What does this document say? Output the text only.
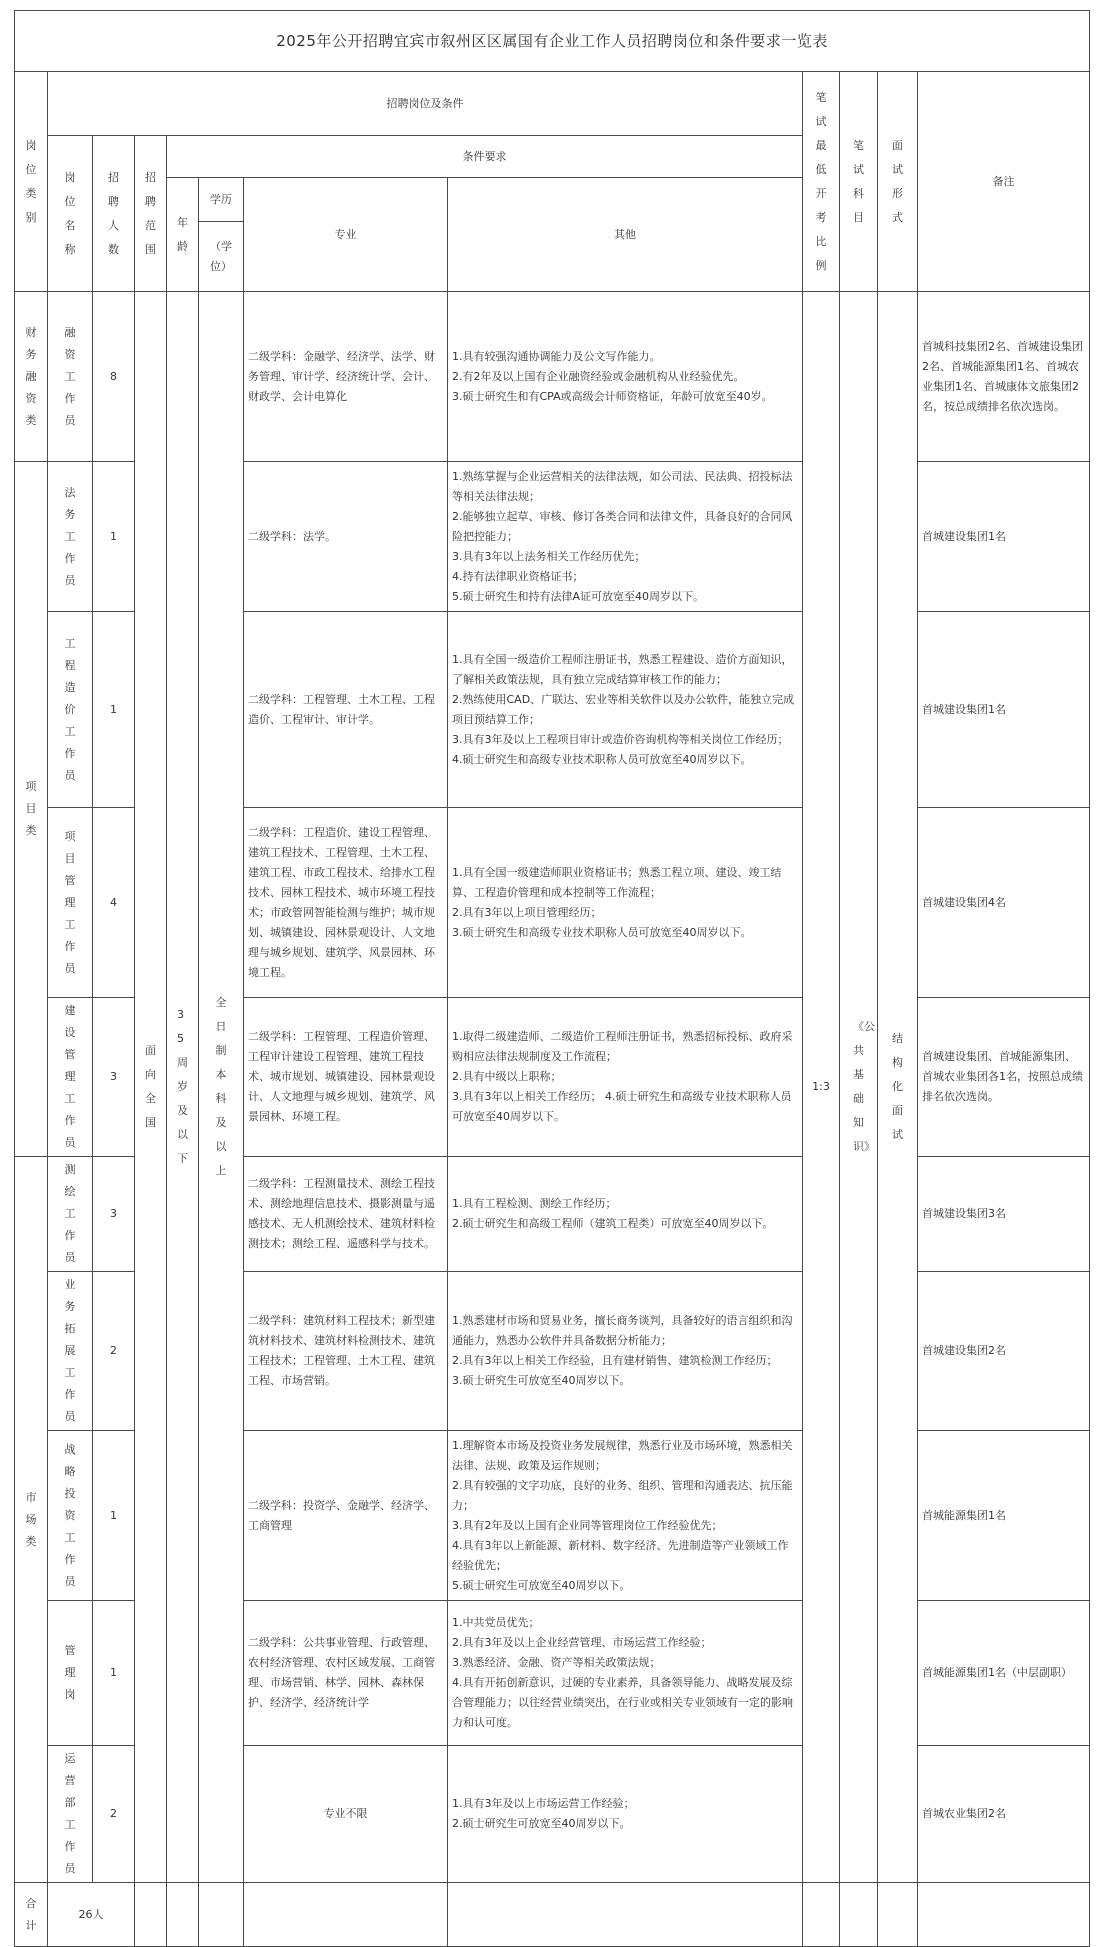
2025年公开招聘宜宾市叙州区区属国有企业工作人员招聘岗位和条件要求一览表											

岗位类别	招聘岗位及条件							笔试最低开考比例	笔试科目	面试形式	备注

	岗位名称	招聘人数	招聘范围	条件要求							

				年龄	学历	专业	其他				
					（学位）						

财务融资类	融资工作员	8	面向全国	35周岁及以下	全日制本科及以上	二级学科：金融学、经济学、法学、财务管理、审计学、经济统计学、会计、财政学、会计电算化	1.具有较强沟通协调能力及公文写作能力。
2.有2年及以上国有企业融资经验或金融机构从业经验优先。
3.硕士研究生和有CPA或高级会计师资格证，年龄可放宽至40岁。	1:3	《公共基础知识》	结构化面试	首城科技集团2名、首城建设集团2名、首城能源集团1名、首城农业集团1名、首城康体文旅集团2名，按总成绩排名依次选岗。

项目类	法务工作员	1				二级学科：法学。	1.熟练掌握与企业运营相关的法律法规，如公司法、民法典、招投标法等相关法律法规；
2.能够独立起草、审核、修订各类合同和法律文件，具备良好的合同风险把控能力；
3.具有3年以上法务相关工作经历优先；
4.持有法律职业资格证书；
5.硕士研究生和持有法律A证可放宽至40周岁以下。				首城建设集团1名

	工程造价工作员	1				二级学科：工程管理、土木工程、工程造价、工程审计、审计学。	1.具有全国一级造价工程师注册证书，熟悉工程建设、造价方面知识，了解相关政策法规，具有独立完成结算审核工作的能力；
2.熟练使用CAD、广联达、宏业等相关软件以及办公软件，能独立完成项目预结算工作；
3.具有3年及以上工程项目审计或造价咨询机构等相关岗位工作经历；
4.硕士研究生和高级专业技术职称人员可放宽至40周岁以下。				首城建设集团1名

	项目管理工作员	4				二级学科：工程造价、建设工程管理、建筑工程技术、工程管理、土木工程、建筑工程、市政工程技术、给排水工程技术、园林工程技术、城市环境工程技术；市政管网智能检测与维护；城市规划、城镇建设、园林景观设计、人文地理与城乡规划、建筑学、风景园林、环境工程。	1.具有全国一级建造师职业资格证书；熟悉工程立项、建设、竣工结算、工程造价管理和成本控制等工作流程；
2.具有3年以上项目管理经历；
3.硕士研究生和高级专业技术职称人员可放宽至40周岁以下。				首城建设集团4名

	建设管理工作员	3				二级学科：工程管理、工程造价管理、工程审计建设工程管理、建筑工程技术、城市规划、城镇建设、园林景观设计、人文地理与城乡规划、建筑学、风景园林、环境工程。	1.取得二级建造师、二级造价工程师注册证书，熟悉招标投标、政府采购相应法律法规制度及工作流程；
2.具有中级以上职称；
3.具有3年以上相关工作经历； 4.硕士研究生和高级专业技术职称人员可放宽至40周岁以下。				首城建设集团、首城能源集团、首城农业集团各1名，按照总成绩排名依次选岗。

市场类	测绘工作员	3				二级学科：工程测量技术、测绘工程技术、测绘地理信息技术、摄影测量与遥感技术、无人机测绘技术、建筑材料检测技术；测绘工程、遥感科学与技术。	1.具有工程检测、测绘工作经历；
2.硕士研究生和高级工程师（建筑工程类）可放宽至40周岁以下。				首城建设集团3名

	业务拓展工作员	2				二级学科：建筑材料工程技术；新型建筑材料技术、建筑材料检测技术、建筑工程技术；工程管理、土木工程、建筑工程、市场营销。	1.熟悉建材市场和贸易业务，擅长商务谈判，具备较好的语言组织和沟通能力，熟悉办公软件并具备数据分析能力；
2.具有3年以上相关工作经验，且有建材销售、建筑检测工作经历；
3.硕士研究生可放宽至40周岁以下。				首城建设集团2名

	战略投资工作员	1				二级学科：投资学、金融学、经济学、工商管理	1.理解资本市场及投资业务发展规律，熟悉行业及市场环境，熟悉相关法律、法规、政策及运作规则；
2.具有较强的文字功底，良好的业务、组织、管理和沟通表达、抗压能力；
3.具有2年及以上国有企业同等管理岗位工作经验优先；
4.具有3年以上新能源、新材料、数字经济、先进制造等产业领域工作经验优先；
5.硕士研究生可放宽至40周岁以下。				首城能源集团1名

	管理岗	1				二级学科：公共事业管理、行政管理、农村经济管理、农村区域发展、工商管理、市场营销、林学、园林、森林保护、经济学、经济统计学	1.中共党员优先；
2.具有3年及以上企业经营管理、市场运营工作经验；
3.熟悉经济、金融、资产等相关政策法规；
4.具有开拓创新意识，过硬的专业素养，具备领导能力、战略发展及综合管理能力；以往经营业绩突出，在行业或相关专业领域有一定的影响力和认可度。				首城能源集团1名（中层副职）

	运营部工作员	2				专业不限	1.具有3年及以上市场运营工作经验；
2.硕士研究生可放宽至40周岁以下。				首城农业集团2名

合计	26人										
